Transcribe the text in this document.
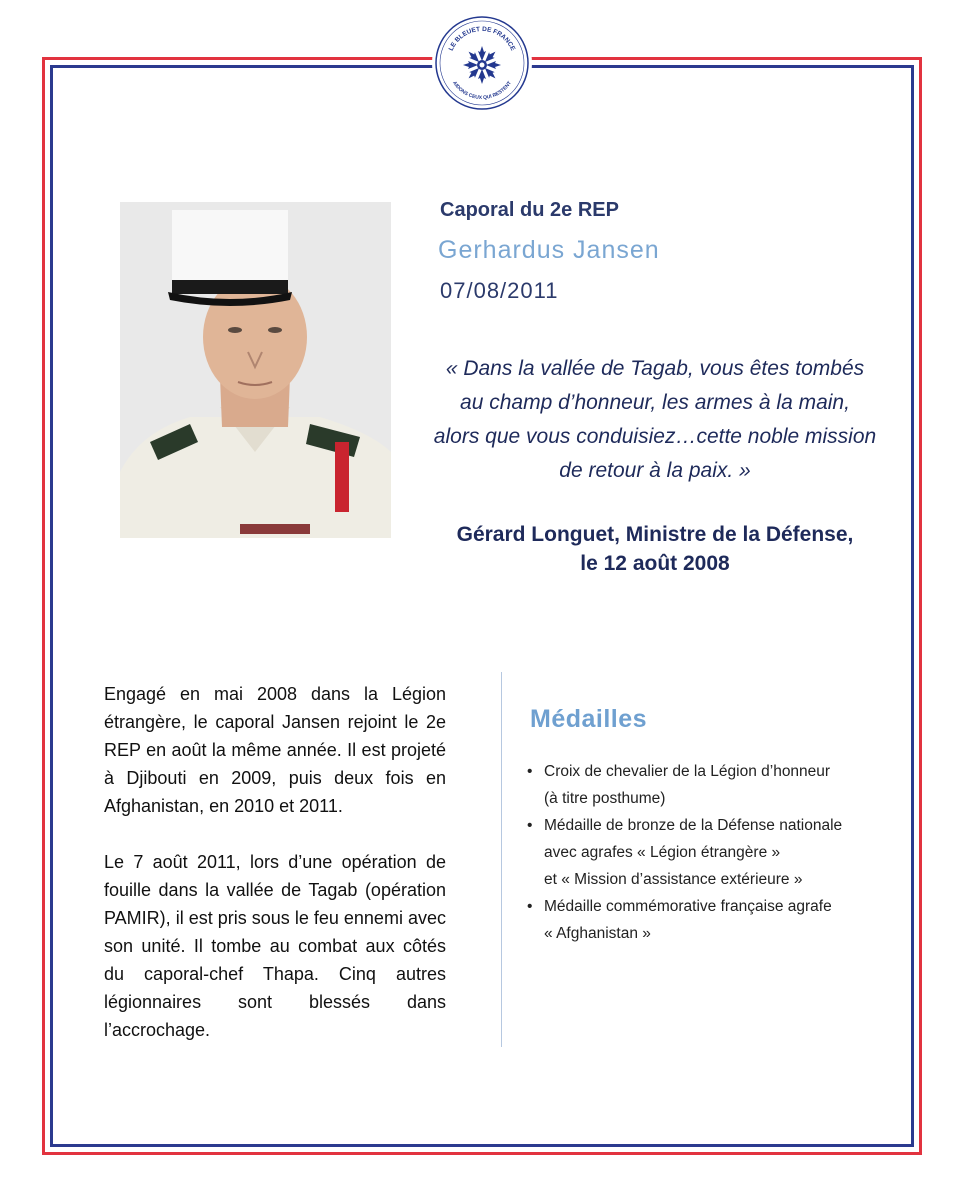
LE BLEUET DE FRANCE
AIDONS CEUX QUI RESTENT
Caporal du 2e REP
Gerhardus Jansen
07/08/2011
« Dans la vallée de Tagab, vous êtes tombés
au champ d’honneur, les armes à la main,
alors que vous conduisiez…cette noble mission
de retour à la paix. »
Gérard Longuet, Ministre de la Défense,
le 12 août 2008

Engagé en mai 2008 dans la Légion étrangère, le caporal Jansen rejoint le 2e REP en août la même année. Il est projeté à Djibouti en 2009, puis deux fois en Afghanistan, en 2010 et 2011.

Le 7 août 2011, lors d’une opération de fouille dans la vallée de Tagab (opération PAMIR), il est pris sous le feu ennemi avec son unité. Il tombe au combat aux côtés du caporal-chef Thapa. Cinq autres légionnaires sont blessés dans l’accrochage.

Médailles
• Croix de chevalier de la Légion d’honneur
(à titre posthume)
• Médaille de bronze de la Défense nationale
avec agrafes « Légion étrangère »
et « Mission d’assistance extérieure »
• Médaille commémorative française agrafe
« Afghanistan »
